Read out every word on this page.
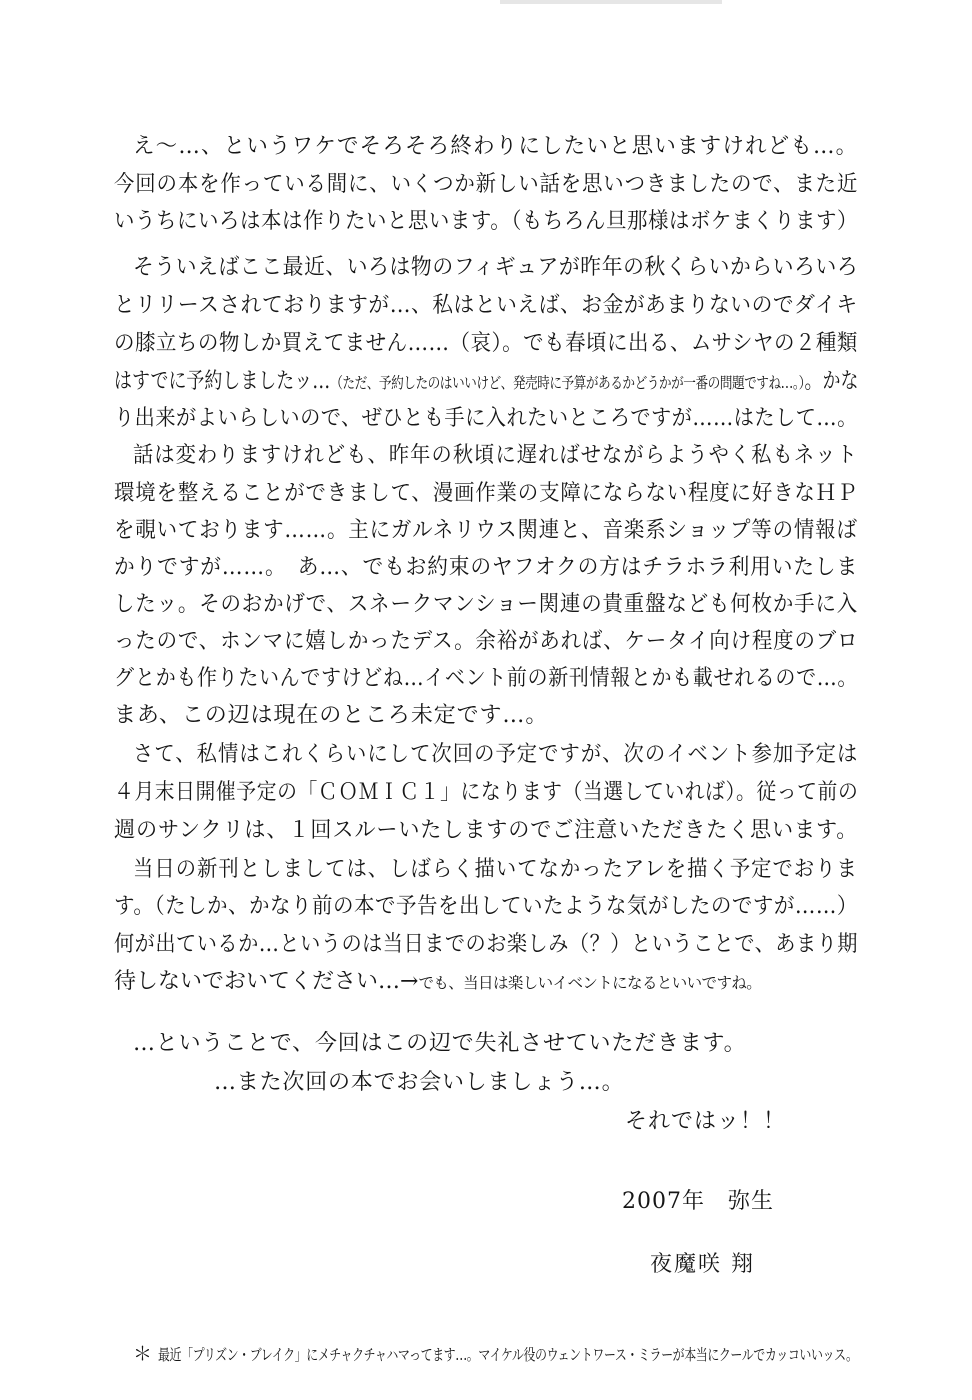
え～…、というワケでそろそろ終わりにしたいと思いますけれども…。
今回の本を作っている間に、いくつか新しい話を思いつきましたので、また近
いうちにいろは本は作りたいと思います。（もちろん旦那様はボケまくります）
そういえばここ最近、いろは物のフィギュアが昨年の秋くらいからいろいろ
とリリースされておりますが…、私はといえば、お金があまりないのでダイキ
の膝立ちの物しか買えてません……（哀）。でも春頃に出る、ムサシヤの２種類
はすでに予約しましたッ…（ただ、予約したのはいいけど、発売時に予算があるかどうかが一番の問題ですね…。）。かな
り出来がよいらしいので、ぜひとも手に入れたいところですが……はたして…。
話は変わりますけれども、昨年の秋頃に遅ればせながらようやく私もネット
環境を整えることができまして、漫画作業の支障にならない程度に好きなＨＰ
を覗いております……。主にガルネリウス関連と、音楽系ショップ等の情報ば
かりですが……。　あ…、でもお約束のヤフオクの方はチラホラ利用いたしま
したッ。そのおかげで、スネークマンショー関連の貴重盤なども何枚か手に入
ったので、ホンマに嬉しかったデス。余裕があれば、ケータイ向け程度のブロ
グとかも作りたいんですけどね…イベント前の新刊情報とかも載せれるので…。
まあ、この辺は現在のところ未定です…。
さて、私情はこれくらいにして次回の予定ですが、次のイベント参加予定は
４月末日開催予定の「ＣＯＭＩＣ１」になります（当選していれば）。従って前の
週のサンクリは、１回スルーいたしますのでご注意いただきたく思います。
当日の新刊としましては、しばらく描いてなかったアレを描く予定でおりま
す。（たしか、かなり前の本で予告を出していたような気がしたのですが……）
何が出ているか…というのは当日までのお楽しみ（？）ということで、あまり期
待しないでおいてください…→でも、当日は楽しいイベントになるといいですね。
…ということで、今回はこの辺で失礼させていただきます。
…また次回の本でお会いしましょう…。
それではッ！！
2007年　弥生
夜魔咲 翔
＊ 最近「プリズン・ブレイク」にメチャクチャハマってます…。マイケル役のウェントワース・ミラーが本当にクールでカッコいいッス。
